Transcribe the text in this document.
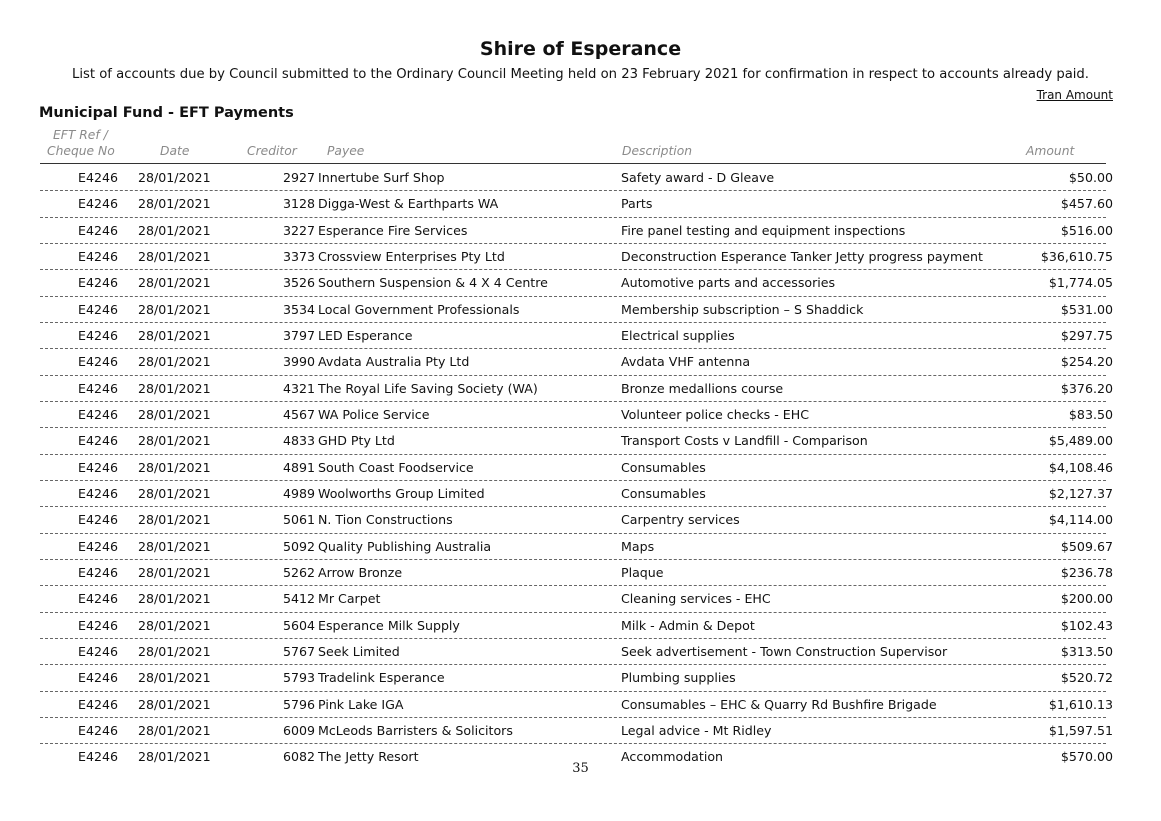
Shire of Esperance
List of accounts due by Council submitted to the Ordinary Council Meeting held on 23 February 2021 for confirmation in respect to accounts already paid.
Tran Amount
Municipal Fund - EFT Payments
EFT Ref /
Cheque No	Date	Creditor Payee	Description	Amount
E4246 28/01/2021	2927 Innertube Surf Shop	Safety award - D Gleave	$50.00
E4246 28/01/2021	3128 Digga-West & Earthparts WA	Parts	$457.60
E4246 28/01/2021	3227 Esperance Fire Services	Fire panel testing and equipment inspections	$516.00
E4246 28/01/2021	3373 Crossview Enterprises Pty Ltd	Deconstruction Esperance Tanker Jetty progress payment	$36,610.75
E4246 28/01/2021	3526 Southern Suspension & 4 X 4 Centre	Automotive parts and accessories	$1,774.05
E4246 28/01/2021	3534 Local Government Professionals	Membership subscription – S Shaddick	$531.00
E4246 28/01/2021	3797 LED Esperance	Electrical supplies	$297.75
E4246 28/01/2021	3990 Avdata Australia Pty Ltd	Avdata VHF antenna	$254.20
E4246 28/01/2021	4321 The Royal Life Saving Society (WA)	Bronze medallions course	$376.20
E4246 28/01/2021	4567 WA Police Service	Volunteer police checks - EHC	$83.50
E4246 28/01/2021	4833 GHD Pty Ltd	Transport Costs v Landfill - Comparison	$5,489.00
E4246 28/01/2021	4891 South Coast Foodservice	Consumables	$4,108.46
E4246 28/01/2021	4989 Woolworths Group Limited	Consumables	$2,127.37
E4246 28/01/2021	5061 N. Tion Constructions	Carpentry services	$4,114.00
E4246 28/01/2021	5092 Quality Publishing Australia	Maps	$509.67
E4246 28/01/2021	5262 Arrow Bronze	Plaque	$236.78
E4246 28/01/2021	5412 Mr Carpet	Cleaning services - EHC	$200.00
E4246 28/01/2021	5604 Esperance Milk Supply	Milk - Admin & Depot	$102.43
E4246 28/01/2021	5767 Seek Limited	Seek advertisement - Town Construction Supervisor	$313.50
E4246 28/01/2021	5793 Tradelink Esperance	Plumbing supplies	$520.72
E4246 28/01/2021	5796 Pink Lake IGA	Consumables – EHC & Quarry Rd Bushfire Brigade	$1,610.13
E4246 28/01/2021	6009 McLeods Barristers & Solicitors	Legal advice - Mt Ridley	$1,597.51
E4246 28/01/2021	6082 The Jetty Resort	Accommodation	$570.00
35
